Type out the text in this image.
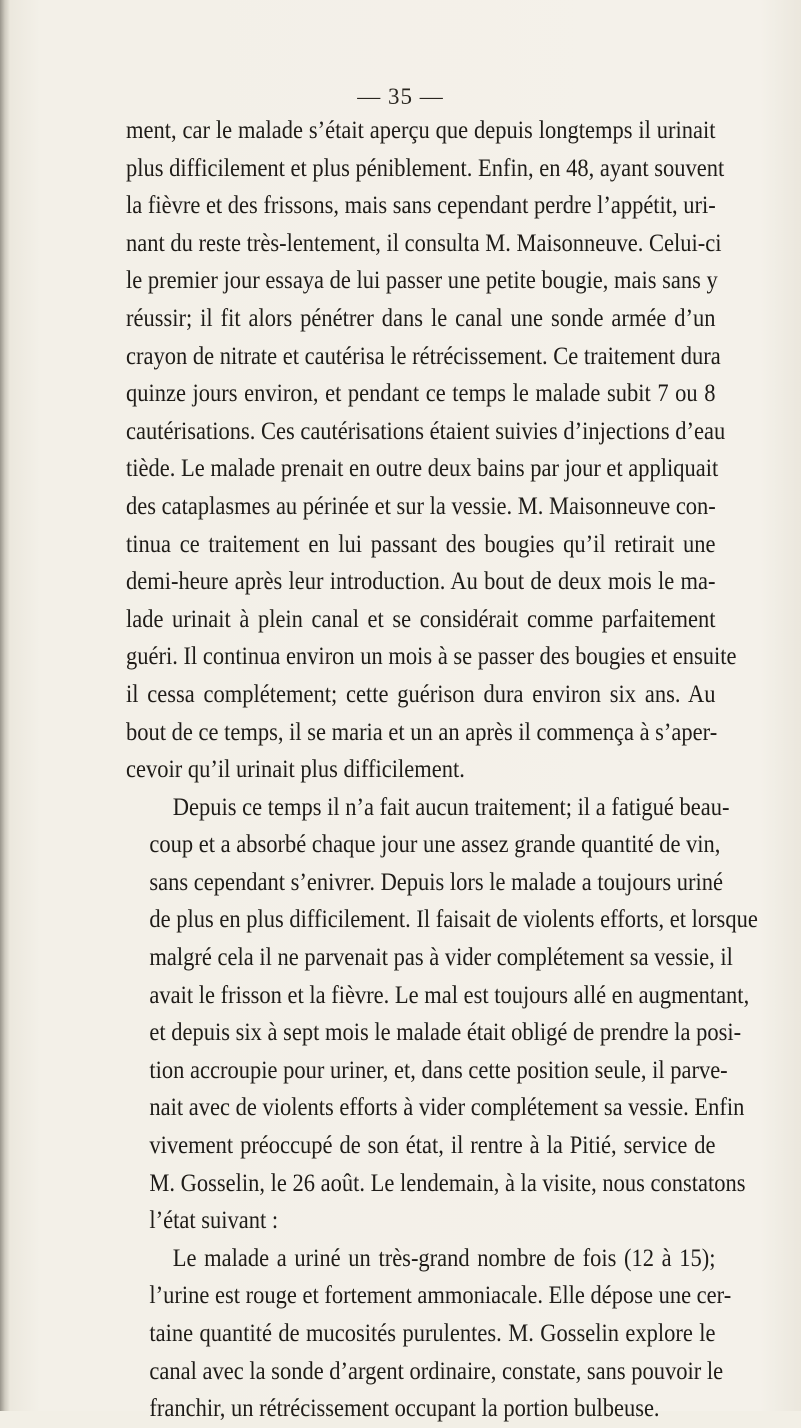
— 35 —

ment, car le malade s’était aperçu que depuis longtemps il urinait
plus difficilement et plus péniblement. Enfin, en 48, ayant souvent
la fièvre et des frissons, mais sans cependant perdre l’appétit, uri-
nant du reste très-lentement, il consulta M. Maisonneuve. Celui-ci
le premier jour essaya de lui passer une petite bougie, mais sans y
réussir; il fit alors pénétrer dans le canal une sonde armée d’un
crayon de nitrate et cautérisa le rétrécissement. Ce traitement dura
quinze jours environ, et pendant ce temps le malade subit 7 ou 8
cautérisations. Ces cautérisations étaient suivies d’injections d’eau
tiède. Le malade prenait en outre deux bains par jour et appliquait
des cataplasmes au périnée et sur la vessie. M. Maisonneuve con-
tinua ce traitement en lui passant des bougies qu’il retirait une
demi-heure après leur introduction. Au bout de deux mois le ma-
lade urinait à plein canal et se considérait comme parfaitement
guéri. Il continua environ un mois à se passer des bougies et ensuite
il cessa complétement; cette guérison dura environ six ans. Au
bout de ce temps, il se maria et un an après il commença à s’aper-
cevoir qu’il urinait plus difficilement.

Depuis ce temps il n’a fait aucun traitement; il a fatigué beau-
coup et a absorbé chaque jour une assez grande quantité de vin,
sans cependant s’enivrer. Depuis lors le malade a toujours uriné
de plus en plus difficilement. Il faisait de violents efforts, et lorsque
malgré cela il ne parvenait pas à vider complétement sa vessie, il
avait le frisson et la fièvre. Le mal est toujours allé en augmentant,
et depuis six à sept mois le malade était obligé de prendre la posi-
tion accroupie pour uriner, et, dans cette position seule, il parve-
nait avec de violents efforts à vider complétement sa vessie. Enfin
vivement préoccupé de son état, il rentre à la Pitié, service de
M. Gosselin, le 26 août. Le lendemain, à la visite, nous constatons
l’état suivant :

Le malade a uriné un très-grand nombre de fois (12 à 15);
l’urine est rouge et fortement ammoniacale. Elle dépose une cer-
taine quantité de mucosités purulentes. M. Gosselin explore le
canal avec la sonde d’argent ordinaire, constate, sans pouvoir le
franchir, un rétrécissement occupant la portion bulbeuse.
